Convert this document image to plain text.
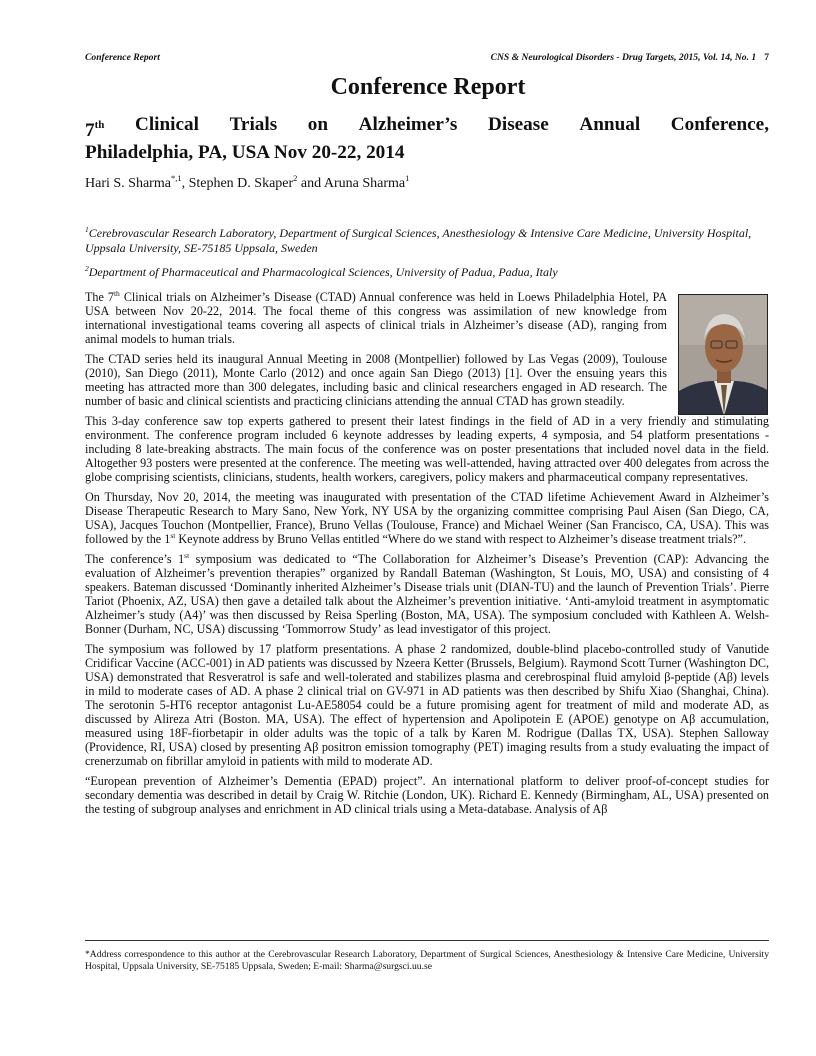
Conference Report	CNS & Neurological Disorders - Drug Targets, 2015, Vol. 14, No. 1 7
Conference Report
7th Clinical Trials on Alzheimer’s Disease Annual Conference,
Philadelphia, PA, USA Nov 20-22, 2014
Hari S. Sharma$^{*,1}$, Stephen D. Skaper$^2$ and Aruna Sharma$^1$
$^1$Cerebrovascular Research Laboratory, Department of Surgical Sciences, Anesthesiology & Intensive Care Medicine, University Hospital, Uppsala University, SE-75185 Uppsala, Sweden
$^2$Department of Pharmaceutical and Pharmacological Sciences, University of Padua, Padua, Italy

The 7th Clinical trials on Alzheimer’s Disease (CTAD) Annual conference was held in Loews Philadelphia Hotel, PA USA between Nov 20-22, 2014. The focal theme of this congress was assimilation of new knowledge from international investigational teams covering all aspects of clinical trials in Alzheimer’s disease (AD), ranging from animal models to human trials.

The CTAD series held its inaugural Annual Meeting in 2008 (Montpellier) followed by Las Vegas (2009), Toulouse (2010), San Diego (2011), Monte Carlo (2012) and once again San Diego (2013) [1]. Over the ensuing years this meeting has attracted more than 300 delegates, including basic and clinical researchers engaged in AD research. The number of basic and clinical scientists and practicing clinicians attending the annual CTAD has grown steadily.

This 3-day conference saw top experts gathered to present their latest findings in the field of AD in a very friendly and stimulating environment. The conference program included 6 keynote addresses by leading experts, 4 symposia, and 54 platform presentations - including 8 late-breaking abstracts. The main focus of the conference was on poster presentations that included novel data in the field. Altogether 93 posters were presented at the conference. The meeting was well-attended, having attracted over 400 delegates from across the globe comprising scientists, clinicians, students, health workers, caregivers, policy makers and pharmaceutical company representatives.

On Thursday, Nov 20, 2014, the meeting was inaugurated with presentation of the CTAD lifetime Achievement Award in Alzheimer’s Disease Therapeutic Research to Mary Sano, New York, NY USA by the organizing committee comprising Paul Aisen (San Diego, CA, USA), Jacques Touchon (Montpellier, France), Bruno Vellas (Toulouse, France) and Michael Weiner (San Francisco, CA, USA). This was followed by the 1st Keynote address by Bruno Vellas entitled “Where do we stand with respect to Alzheimer’s disease treatment trials?”.

The conference’s 1st symposium was dedicated to “The Collaboration for Alzheimer’s Disease’s Prevention (CAP): Advancing the evaluation of Alzheimer’s prevention therapies” organized by Randall Bateman (Washington, St Louis, MO, USA) and consisting of 4 speakers. Bateman discussed ‘Dominantly inherited Alzheimer’s Disease trials unit (DIAN-TU) and the launch of Prevention Trials’. Pierre Tariot (Phoenix, AZ, USA) then gave a detailed talk about the Alzheimer’s prevention initiative. ‘Anti-amyloid treatment in asymptomatic Alzheimer’s study (A4)’ was then discussed by Reisa Sperling (Boston, MA, USA). The symposium concluded with Kathleen A. Welsh-Bonner (Durham, NC, USA) discussing ‘Tommorrow Study’ as lead investigator of this project.

The symposium was followed by 17 platform presentations. A phase 2 randomized, double-blind placebo-controlled study of Vanutide Cridificar Vaccine (ACC-001) in AD patients was discussed by Nzeera Ketter (Brussels, Belgium). Raymond Scott Turner (Washington DC, USA) demonstrated that Resveratrol is safe and well-tolerated and stabilizes plasma and cerebrospinal fluid amyloid β-peptide (Aβ) levels in mild to moderate cases of AD. A phase 2 clinical trial on GV-971 in AD patients was then described by Shifu Xiao (Shanghai, China). The serotonin 5-HT6 receptor antagonist Lu-AE58054 could be a future promising agent for treatment of mild and moderate AD, as discussed by Alireza Atri (Boston. MA, USA). The effect of hypertension and Apolipotein E (APOE) genotype on Aβ accumulation, measured using 18F-fiorbetapir in older adults was the topic of a talk by Karen M. Rodrigue (Dallas TX, USA). Stephen Salloway (Providence, RI, USA) closed by presenting Aβ positron emission tomography (PET) imaging results from a study evaluating the impact of crenerzumab on fibrillar amyloid in patients with mild to moderate AD.

“European prevention of Alzheimer’s Dementia (EPAD) project”. An international platform to deliver proof-of-concept studies for secondary dementia was described in detail by Craig W. Ritchie (London, UK). Richard E. Kennedy (Birmingham, AL, USA) presented on the testing of subgroup analyses and enrichment in AD clinical trials using a Meta-database. Analysis of Aβ

*Address correspondence to this author at the Cerebrovascular Research Laboratory, Department of Surgical Sciences, Anesthesiology & Intensive Care Medicine, University Hospital, Uppsala University, SE-75185 Uppsala, Sweden; E-mail: Sharma@surgsci.uu.se
